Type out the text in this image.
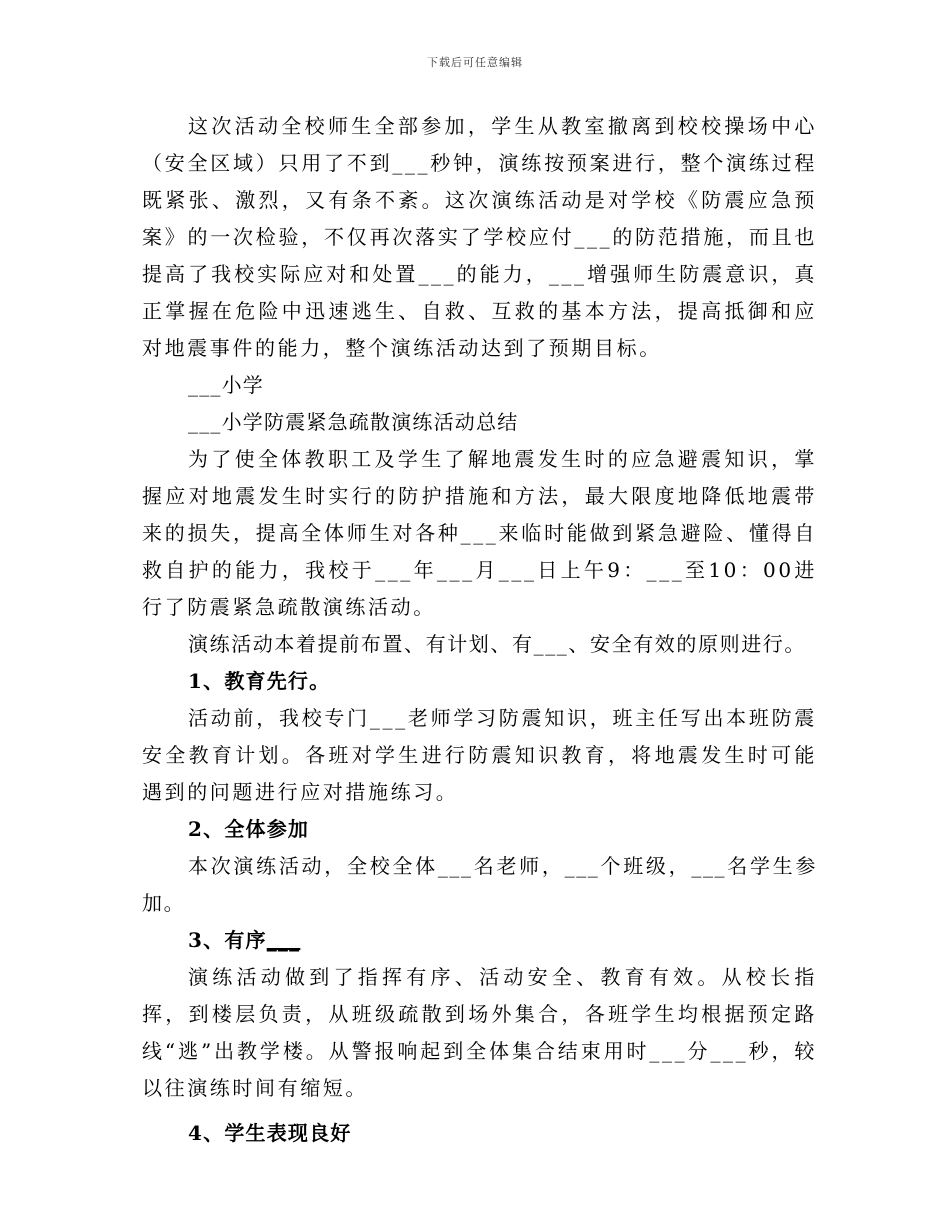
下载后可任意编辑

这次活动全校师生全部参加，学生从教室撤离到校校操场中心（安全区域）只用了不到___秒钟，演练按预案进行，整个演练过程既紧张、激烈，又有条不紊。这次演练活动是对学校《防震应急预案》的一次检验，不仅再次落实了学校应付___的防范措施，而且也提高了我校实际应对和处置___的能力，___增强师生防震意识，真正掌握在危险中迅速逃生、自救、互救的基本方法，提高抵御和应对地震事件的能力，整个演练活动达到了预期目标。

___小学

___小学防震紧急疏散演练活动总结

为了使全体教职工及学生了解地震发生时的应急避震知识，掌握应对地震发生时实行的防护措施和方法，最大限度地降低地震带来的损失，提高全体师生对各种___来临时能做到紧急避险、懂得自救自护的能力，我校于___年___月___日上午9：___至10：00进行了防震紧急疏散演练活动。

演练活动本着提前布置、有计划、有___、安全有效的原则进行。

1、教育先行。

活动前，我校专门___老师学习防震知识，班主任写出本班防震安全教育计划。各班对学生进行防震知识教育，将地震发生时可能遇到的问题进行应对措施练习。

2、全体参加

本次演练活动，全校全体___名老师，___个班级，___名学生参加。

3、有序___

演练活动做到了指挥有序、活动安全、教育有效。从校长指挥，到楼层负责，从班级疏散到场外集合，各班学生均根据预定路线“逃”出教学楼。从警报响起到全体集合结束用时___分___秒，较以往演练时间有缩短。

4、学生表现良好
